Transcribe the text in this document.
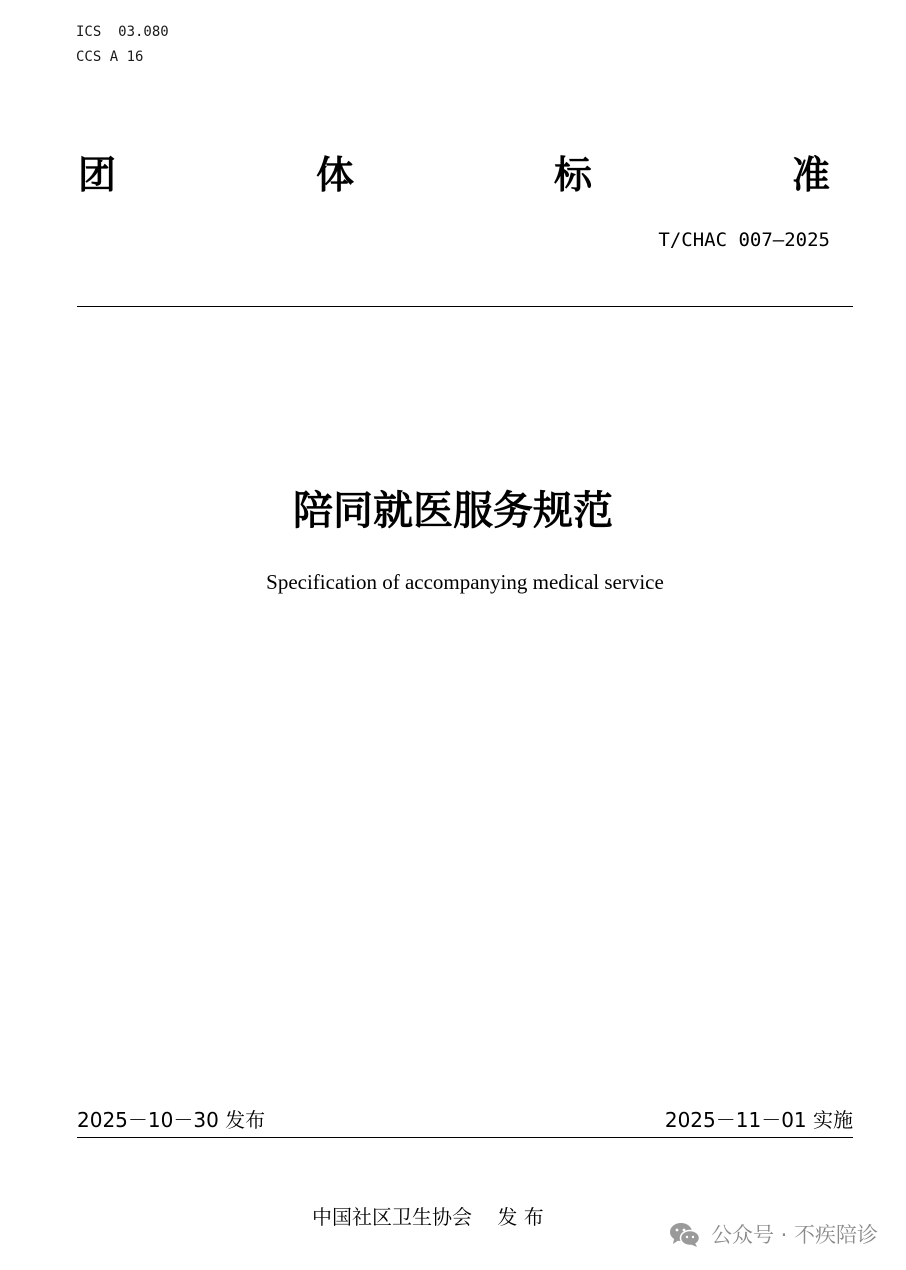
ICS  03.080
CCS A 16
团	体	标	准
T/CHAC 007—2025
陪同就医服务规范
Specification of accompanying medical service
2025－10－30 发布	2025－11－01 实施
中国社区卫生协会    发 布
公众号 · 不疾陪诊
